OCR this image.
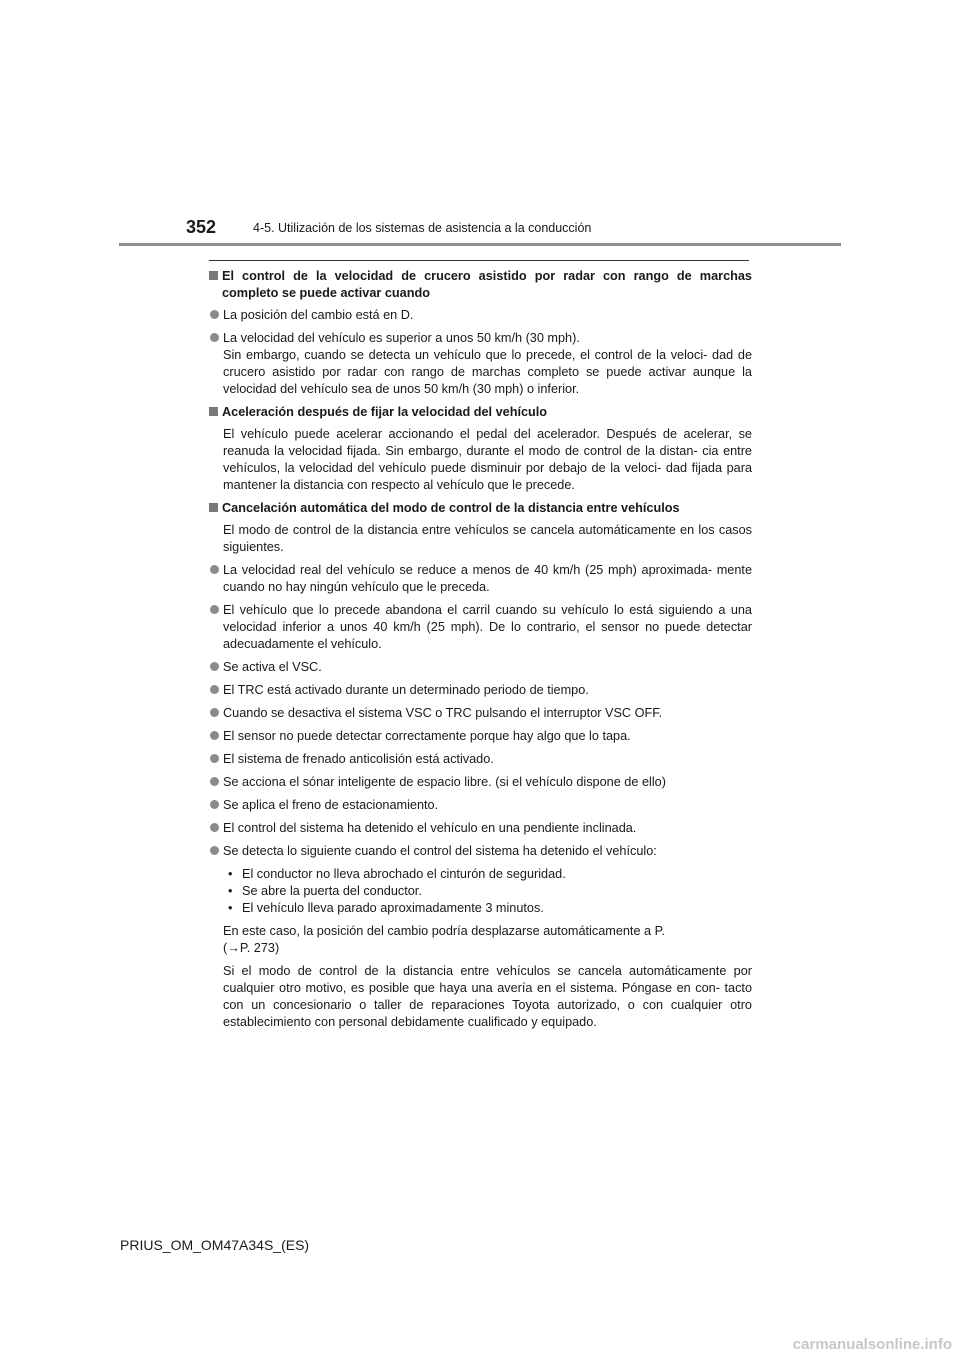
352	4-5. Utilización de los sistemas de asistencia a la conducción
El control de la velocidad de crucero asistido por radar con rango de marchas completo se puede activar cuando
La posición del cambio está en D.
La velocidad del vehículo es superior a unos 50 km/h (30 mph).
Sin embargo, cuando se detecta un vehículo que lo precede, el control de la veloci- dad de crucero asistido por radar con rango de marchas completo se puede activar aunque la velocidad del vehículo sea de unos 50 km/h (30 mph) o inferior.
Aceleración después de fijar la velocidad del vehículo
El vehículo puede acelerar accionando el pedal del acelerador. Después de acelerar, se reanuda la velocidad fijada. Sin embargo, durante el modo de control de la distan- cia entre vehículos, la velocidad del vehículo puede disminuir por debajo de la veloci- dad fijada para mantener la distancia con respecto al vehículo que le precede.
Cancelación automática del modo de control de la distancia entre vehículos
El modo de control de la distancia entre vehículos se cancela automáticamente en los casos siguientes.
La velocidad real del vehículo se reduce a menos de 40 km/h (25 mph) aproximada- mente cuando no hay ningún vehículo que le preceda.
El vehículo que lo precede abandona el carril cuando su vehículo lo está siguiendo a una velocidad inferior a unos 40 km/h (25 mph). De lo contrario, el sensor no puede detectar adecuadamente el vehículo.
Se activa el VSC.
El TRC está activado durante un determinado periodo de tiempo.
Cuando se desactiva el sistema VSC o TRC pulsando el interruptor VSC OFF.
El sensor no puede detectar correctamente porque hay algo que lo tapa.
El sistema de frenado anticolisión está activado.
Se acciona el sónar inteligente de espacio libre. (si el vehículo dispone de ello)
Se aplica el freno de estacionamiento.
El control del sistema ha detenido el vehículo en una pendiente inclinada.
Se detecta lo siguiente cuando el control del sistema ha detenido el vehículo:
• El conductor no lleva abrochado el cinturón de seguridad.
• Se abre la puerta del conductor.
• El vehículo lleva parado aproximadamente 3 minutos.
En este caso, la posición del cambio podría desplazarse automáticamente a P.
(→P. 273)
Si el modo de control de la distancia entre vehículos se cancela automáticamente por cualquier otro motivo, es posible que haya una avería en el sistema. Póngase en con- tacto con un concesionario o taller de reparaciones Toyota autorizado, o con cualquier otro establecimiento con personal debidamente cualificado y equipado.
PRIUS_OM_OM47A34S_(ES)
carmanualsonline.info
